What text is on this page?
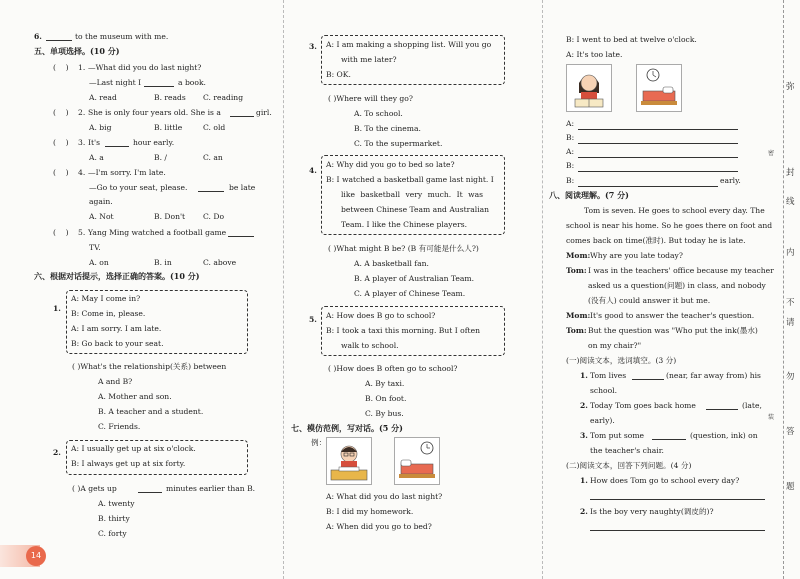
6.	to the museum with me.
五、单项选择。(10 分)
(    ) 1. —What did you do last night?
—Last night I	a book.
A. read	B. reads C. reading
(    ) 2. She is only four years old. She is a	girl.
A. big	B. little	C. old
(    ) 3. It's	hour early.
A. a	B. /	C. an
(    ) 4. —I'm sorry. I'm late.
—Go to your seat, please.	be late
again.
A. Not	B. Don't C. Do
(    ) 5. Yang Ming watched a football game
TV.
A. on	B. in	C. above
六、根据对话提示，选择正确的答案。(10 分)
1.
A: May I come in?
B: Come in, please.
A: I am sorry. I am late.
B: Go back to your seat.
( )What's the relationship(关系) between
A and B?
A. Mother and son.
B. A teacher and a student.
C. Friends.
2. A: I usually get up at six o'clock.
B: I always get up at six forty.
( )A gets up	minutes earlier than B.
A. twenty
B. thirty
C. forty
14
3. A: I am making a shopping list. Will you go
with me later?
B: OK.
( )Where will they go?
A. To school.
B. To the cinema.
C. To the supermarket.
4.
A: Why did you go to bed so late?
B: I watched a basketball game last night. I
like basketball very much. It was
between Chinese Team and Australian
Team. I like the Chinese players.
( )What might B be? (B 有可能是什么人?)
A. A basketball fan.
B. A player of Australian Team.
C. A player of Chinese Team.
5. A: How does B go to school?
B: I took a taxi this morning. But I often
walk to school.
( )How does B often go to school?
A. By taxi.
B. On foot.
C. By bus.
七、模仿范例，写对话。(5 分)
例：
A: What did you do last night?
B: I did my homework.
A: When did you go to bed?
B: I went to bed at twelve o'clock.
A: It's too late.
A:
B:
A:
B:
B:	early.
八、阅读理解。(7 分)
Tom is seven. He goes to school every day. The
school is near his home. So he goes there on foot and
comes back on time(准时). But today he is late.
Mom: Why are you late today?
Tom: I was in the teachers' office because my teacher
asked us a question(问题) in class, and nobody
(没有人) could answer it but me.
Mom: It's good to answer the teacher's question.
Tom: But the question was "Who put the ink(墨水)
on my chair?"
(一)阅读文本，选词填空。(3 分)
1. Tom lives	(near, far away from) his
school.
2. Today Tom goes back home	(late,
early).
3. Tom put some	(question, ink) on
the teacher's chair.
(二)阅读文本，回答下列问题。(4 分)
1. How does Tom go to school every day?
2. Is the boy very naughty(调皮的)?
弥
密
封
线
内
不
请
勿
装
答
题
